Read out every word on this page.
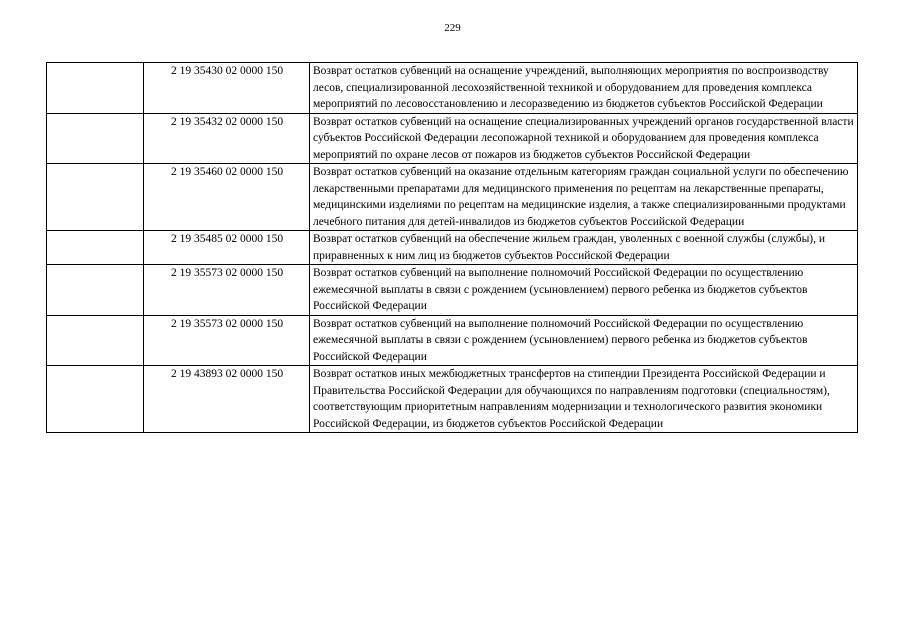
229
	2 19 35430 02 0000 150	Возврат остатков субвенций на оснащение учреждений, выполняющих мероприятия по воспроизводству лесов, специализированной лесохозяйственной техникой и оборудованием для проведения комплекса мероприятий по лесовосстановлению и лесоразведению из бюджетов субъектов Российской Федерации
	2 19 35432 02 0000 150	Возврат остатков субвенций на оснащение специализированных учреждений органов государственной власти субъектов Российской Федерации лесопожарной техникой и оборудованием для проведения комплекса мероприятий по охране лесов от пожаров из бюджетов субъектов Российской Федерации
	2 19 35460 02 0000 150	Возврат остатков субвенций на оказание отдельным категориям граждан социальной услуги по обеспечению лекарственными препаратами для медицинского применения по рецептам на лекарственные препараты, медицинскими изделиями по рецептам на медицинские изделия, а также специализированными продуктами лечебного питания для детей-инвалидов из бюджетов субъектов Российской Федерации
	2 19 35485 02 0000 150	Возврат остатков субвенций на обеспечение жильем граждан, уволенных с военной службы (службы), и приравненных к ним лиц из бюджетов субъектов Российской Федерации
	2 19 35573 02 0000 150	Возврат остатков субвенций на выполнение полномочий Российской Федерации по осуществлению ежемесячной выплаты в связи с рождением (усыновлением) первого ребенка из бюджетов субъектов Российской Федерации
	2 19 35573 02 0000 150	Возврат остатков субвенций на выполнение полномочий Российской Федерации по осуществлению ежемесячной выплаты в связи с рождением (усыновлением) первого ребенка из бюджетов субъектов Российской Федерации
	2 19 43893 02 0000 150	Возврат остатков иных межбюджетных трансфертов на стипендии Президента Российской Федерации и Правительства Российской Федерации для обучающихся по направлениям подготовки (специальностям), соответствующим приоритетным направлениям модернизации и технологического развития экономики Российской Федерации, из бюджетов субъектов Российской Федерации
